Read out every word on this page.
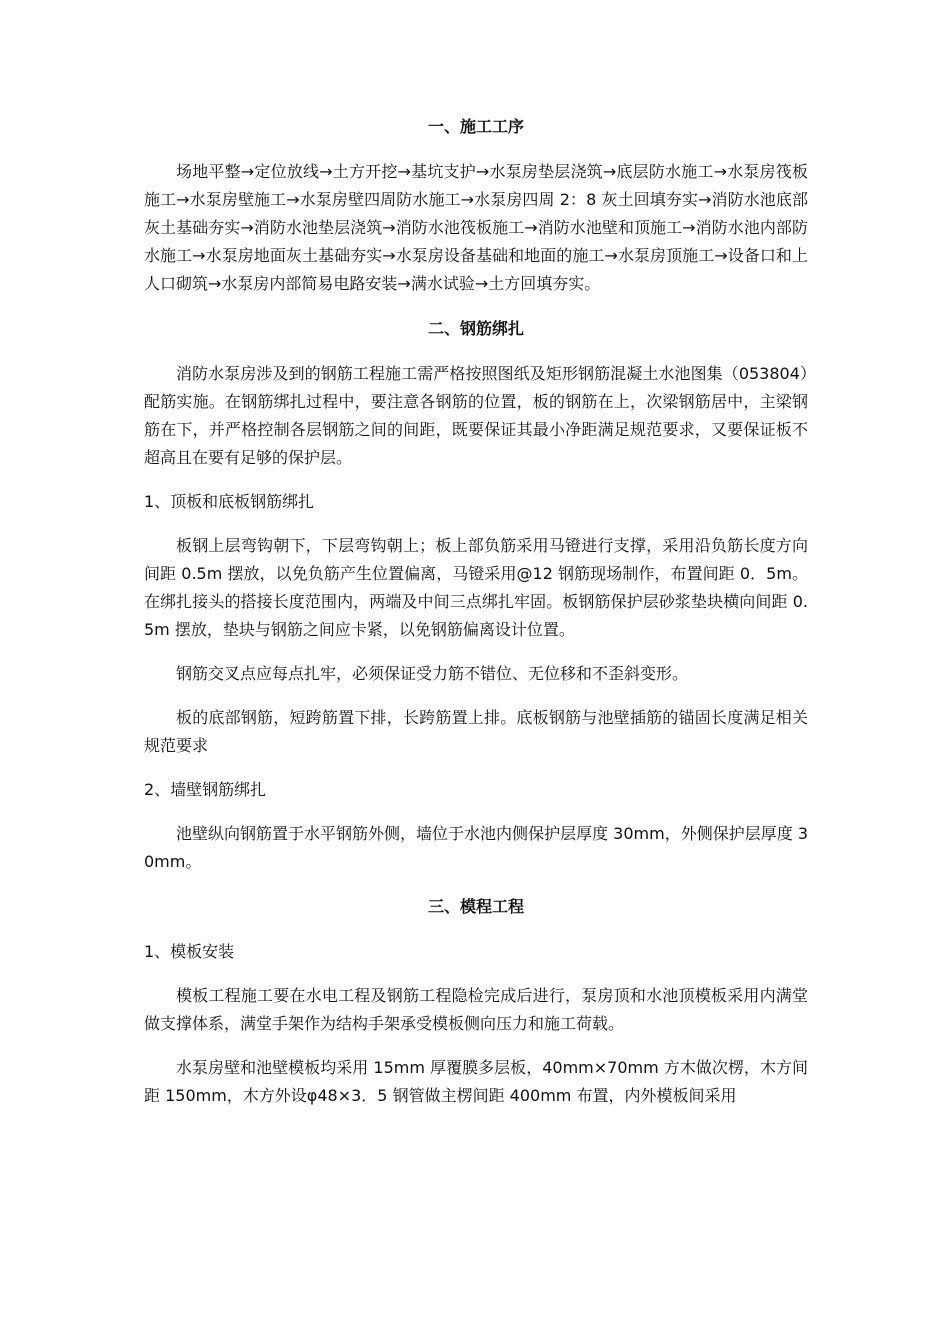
一、施工工序

场地平整→定位放线→土方开挖→基坑支护→水泵房垫层浇筑→底层防水施工→水泵房筏板施工→水泵房壁施工→水泵房壁四周防水施工→水泵房四周 2：8 灰土回填夯实→消防水池底部灰土基础夯实→消防水池垫层浇筑→消防水池筏板施工→消防水池壁和顶施工→消防水池内部防水施工→水泵房地面灰土基础夯实→水泵房设备基础和地面的施工→水泵房顶施工→设备口和上人口砌筑→水泵房内部简易电路安装→满水试验→土方回填夯实。

二、钢筋绑扎

消防水泵房涉及到的钢筋工程施工需严格按照图纸及矩形钢筋混凝土水池图集（053804）配筋实施。在钢筋绑扎过程中，要注意各钢筋的位置，板的钢筋在上，次梁钢筋居中，主梁钢筋在下，并严格控制各层钢筋之间的间距，既要保证其最小净距满足规范要求，又要保证板不超高且在要有足够的保护层。

1、顶板和底板钢筋绑扎

板钢上层弯钩朝下，下层弯钩朝上；板上部负筋采用马镫进行支撑，采用沿负筋长度方向间距 0.5m 摆放，以免负筋产生位置偏离，马镫采用@12 钢筋现场制作，布置间距 0．5m。在绑扎接头的搭接长度范围内，两端及中间三点绑扎牢固。板钢筋保护层砂浆垫块横向间距 0.5m 摆放，垫块与钢筋之间应卡紧，以免钢筋偏离设计位置。

钢筋交叉点应每点扎牢，必须保证受力筋不错位、无位移和不歪斜变形。

板的底部钢筋，短跨筋置下排，长跨筋置上排。底板钢筋与池壁插筋的锚固长度满足相关规范要求

2、墙壁钢筋绑扎

池壁纵向钢筋置于水平钢筋外侧，墙位于水池内侧保护层厚度 30mm，外侧保护层厚度 30mm。

三、模程工程

1、模板安装

模板工程施工要在水电工程及钢筋工程隐检完成后进行，泵房顶和水池顶模板采用内满堂做支撑体系，满堂手架作为结构手架承受模板侧向压力和施工荷载。

水泵房壁和池壁模板均采用 15mm 厚覆膜多层板，40mm×70mm 方木做次楞，木方间距 150mm，木方外设φ48×3．5 钢管做主楞间距 400mm 布置，内外模板间采用
